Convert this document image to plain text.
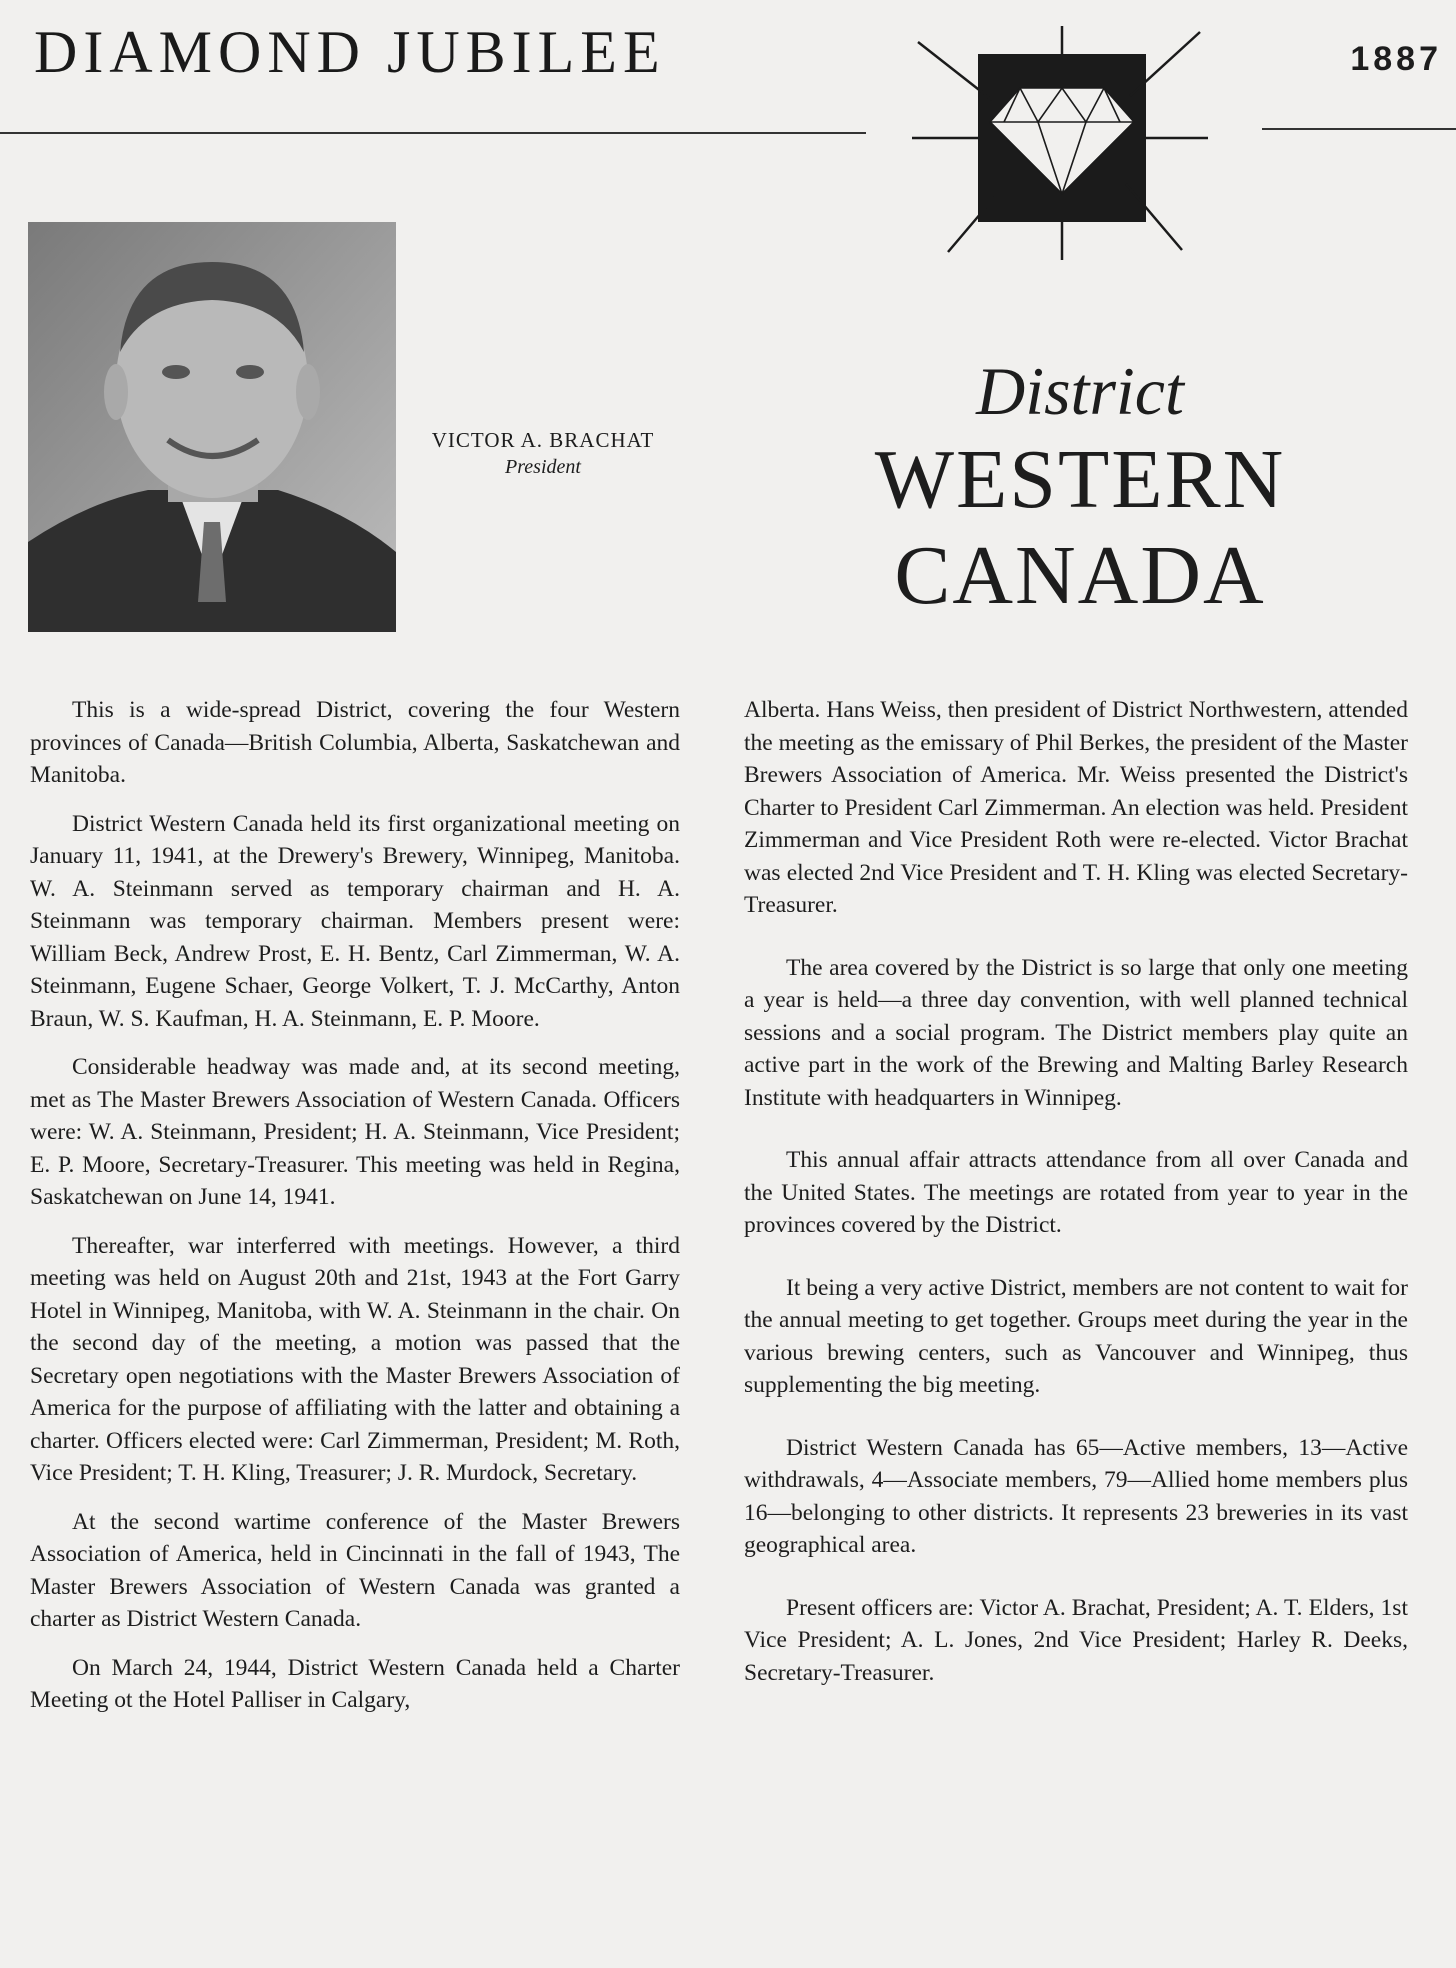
DIAMOND JUBILEE	1887
VICTOR A. BRACHAT
President
District
WESTERN
CANADA

This is a wide-spread District, covering the four Western provinces of Canada—British Columbia, Alberta, Saskatchewan and Manitoba.

District Western Canada held its first organizational meeting on January 11, 1941, at the Drewery's Brewery, Winnipeg, Manitoba. W. A. Steinmann served as temporary chairman and H. A. Steinmann was temporary chairman. Members present were: William Beck, Andrew Prost, E. H. Bentz, Carl Zimmerman, W. A. Steinmann, Eugene Schaer, George Volkert, T. J. McCarthy, Anton Braun, W. S. Kaufman, H. A. Steinmann, E. P. Moore.

Considerable headway was made and, at its second meeting, met as The Master Brewers Association of Western Canada. Officers were: W. A. Steinmann, President; H. A. Steinmann, Vice President; E. P. Moore, Secretary-Treasurer. This meeting was held in Regina, Saskatchewan on June 14, 1941.

Thereafter, war interferred with meetings. However, a third meeting was held on August 20th and 21st, 1943 at the Fort Garry Hotel in Winnipeg, Manitoba, with W. A. Steinmann in the chair. On the second day of the meeting, a motion was passed that the Secretary open negotiations with the Master Brewers Association of America for the purpose of affiliating with the latter and obtaining a charter. Officers elected were: Carl Zimmerman, President; M. Roth, Vice President; T. H. Kling, Treasurer; J. R. Murdock, Secretary.

At the second wartime conference of the Master Brewers Association of America, held in Cincinnati in the fall of 1943, The Master Brewers Association of Western Canada was granted a charter as District Western Canada.

On March 24, 1944, District Western Canada held a Charter Meeting ot the Hotel Palliser in Calgary,

Alberta. Hans Weiss, then president of District Northwestern, attended the meeting as the emissary of Phil Berkes, the president of the Master Brewers Association of America. Mr. Weiss presented the District's Charter to President Carl Zimmerman. An election was held. President Zimmerman and Vice President Roth were re-elected. Victor Brachat was elected 2nd Vice President and T. H. Kling was elected Secretary-Treasurer.

The area covered by the District is so large that only one meeting a year is held—a three day convention, with well planned technical sessions and a social program. The District members play quite an active part in the work of the Brewing and Malting Barley Research Institute with headquarters in Winnipeg.

This annual affair attracts attendance from all over Canada and the United States. The meetings are rotated from year to year in the provinces covered by the District.

It being a very active District, members are not content to wait for the annual meeting to get together. Groups meet during the year in the various brewing centers, such as Vancouver and Winnipeg, thus supplementing the big meeting.

District Western Canada has 65—Active members, 13—Active withdrawals, 4—Associate members, 79—Allied home members plus 16—belonging to other districts. It represents 23 breweries in its vast geographical area.

Present officers are: Victor A. Brachat, President; A. T. Elders, 1st Vice President; A. L. Jones, 2nd Vice President; Harley R. Deeks, Secretary-Treasurer.
